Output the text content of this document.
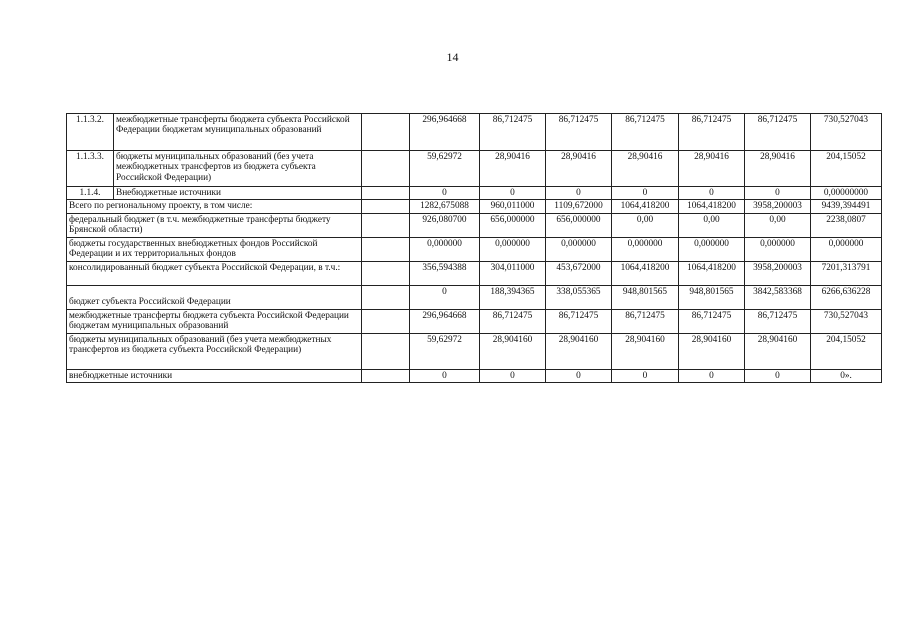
14
1.1.3.2.	межбюджетные трансферты бюджета субъекта Российской Федерации бюджетам муниципальных образований		296,964668	86,712475	86,712475	86,712475	86,712475	86,712475	730,527043
1.1.3.3.	бюджеты муниципальных образований (без учета межбюджетных трансфертов из бюджета субъекта Российской Федерации)		59,62972	28,90416	28,90416	28,90416	28,90416	28,90416	204,15052
1.1.4.	Внебюджетные источники		0	0	0	0	0	0	0,00000000
Всего по региональному проекту, в том числе:			1282,675088	960,011000	1109,672000	1064,418200	1064,418200	3958,200003	9439,394491
федеральный бюджет (в т.ч. межбюджетные трансферты бюджету Брянской области)			926,080700	656,000000	656,000000	0,00	0,00	0,00	2238,0807
бюджеты государственных внебюджетных фондов Российской Федерации и их территориальных фондов			0,000000	0,000000	0,000000	0,000000	0,000000	0,000000	0,000000
консолидированный бюджет субъекта Российской Федерации, в т.ч.:			356,594388	304,011000	453,672000	1064,418200	1064,418200	3958,200003	7201,313791
бюджет субъекта Российской Федерации			0	188,394365	338,055365	948,801565	948,801565	3842,583368	6266,636228
межбюджетные трансферты бюджета субъекта Российской Федерации бюджетам муниципальных образований			296,964668	86,712475	86,712475	86,712475	86,712475	86,712475	730,527043
бюджеты муниципальных образований (без учета межбюджетных трансфертов из бюджета субъекта Российской Федерации)			59,62972	28,904160	28,904160	28,904160	28,904160	28,904160	204,15052
внебюджетные источники			0	0	0	0	0	0	0».
